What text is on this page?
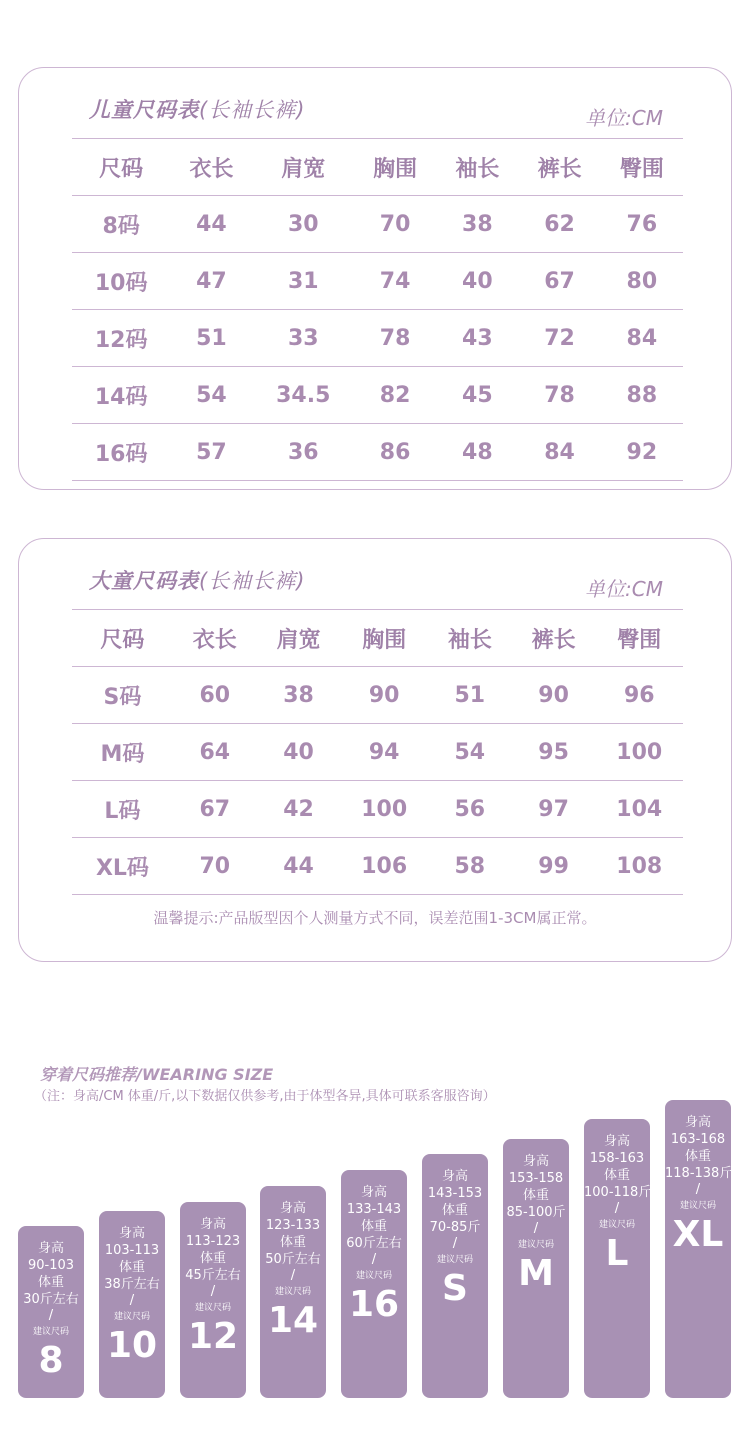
儿童尺码表(长袖长裤)	单位:CM
尺码	衣长	肩宽	胸围	袖长	裤长	臀围
8码	44	30	70	38	62	76
10码	47	31	74	40	67	80
12码	51	33	78	43	72	84
14码	54	34.5	82	45	78	88
16码	57	36	86	48	84	92
大童尺码表(长袖长裤)	单位:CM
尺码	衣长	肩宽	胸围	袖长	裤长	臀围
S码	60	38	90	51	90	96
M码	64	40	94	54	95	100
L码	67	42	100	56	97	104
XL码	70	44	106	58	99	108
温馨提示:产品版型因个人测量方式不同，误差范围1-3CM属正常。
穿着尺码推荐/WEARING SIZE
（注：身高/CM 体重/斤,以下数据仅供参考,由于体型各异,具体可联系客服咨询）
身高
90-103
体重
30斤左右
/
建议尺码
8
身高
103-113
体重
38斤左右
/
建议尺码
10
身高
113-123
体重
45斤左右
/
建议尺码
12
身高
123-133
体重
50斤左右
/
建议尺码
14
身高
133-143
体重
60斤左右
/
建议尺码
16
身高
143-153
体重
70-85斤
/
建议尺码
S
身高
153-158
体重
85-100斤
/
建议尺码
M
身高
158-163
体重
100-118斤
/
建议尺码
L
身高
163-168
体重
118-138斤
/
建议尺码
XL
